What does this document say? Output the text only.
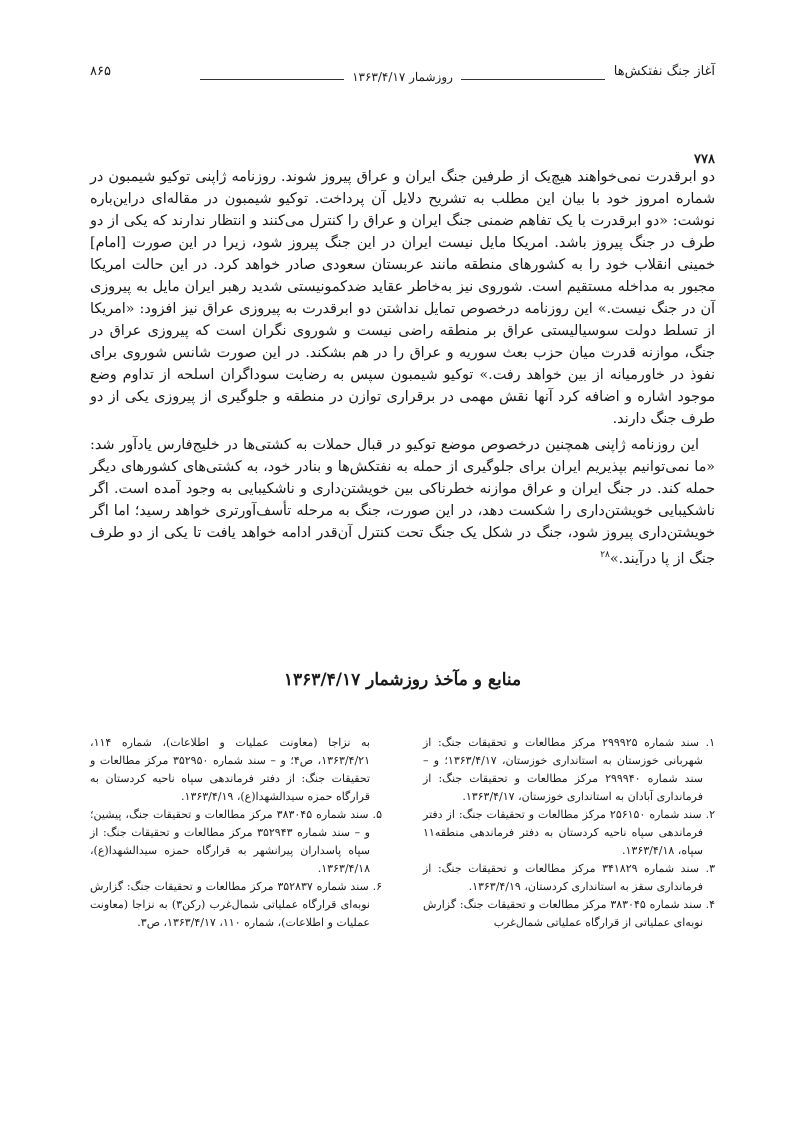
آغاز جنگ نفتکش‌ها
۸۶۵	روزشمار ۱۳۶۳/۴/۱۷
۷۷۸

دو ابرقدرت نمی‌خواهند هیچ‌یک از طرفین جنگ ایران و عراق پیروز شوند. روزنامه ژاپنی توکیو شیمبون در شماره امروز خود با بیان این مطلب به تشریح دلایل آن پرداخت. توکیو شیمبون در مقاله‌ای دراین‌باره نوشت: «دو ابرقدرت با یک تفاهم ضمنی جنگ ایران و عراق را کنترل می‌کنند و انتظار ندارند که یکی از دو طرف در جنگ پیروز باشد. امریکا مایل نیست ایران در این جنگ پیروز شود، زیرا در این صورت [امام] خمینی انقلاب خود را به کشورهای منطقه مانند عربستان سعودی صادر خواهد کرد. در این حالت امریکا مجبور به مداخله مستقیم است. شوروی نیز به‌خاطر عقاید ضدکمونیستی شدید رهبر ایران مایل به پیروزی آن در جنگ نیست.» این روزنامه درخصوص تمایل نداشتن دو ابرقدرت به پیروزی عراق نیز افزود: «امریکا از تسلط دولت سوسیالیستی عراق بر منطقه راضی نیست و شوروی نگران است که پیروزی عراق در جنگ، موازنه قدرت میان حزب بعث سوریه و عراق را در هم بشکند. در این صورت شانس شوروی برای نفوذ در خاورمیانه از بین خواهد رفت.» توکیو شیمبون سپس به رضایت سوداگران اسلحه از تداوم وضع موجود اشاره و اضافه کرد آنها نقش مهمی در برقراری توازن در منطقه و جلوگیری از پیروزی یکی از دو طرف جنگ دارند.

این روزنامه ژاپنی همچنین درخصوص موضع توکیو در قبال حملات به کشتی‌ها در خلیج‌فارس یادآور شد: «ما نمی‌توانیم بپذیریم ایران برای جلوگیری از حمله به نفتکش‌ها و بنادر خود، به کشتی‌های کشورهای دیگر حمله کند. در جنگ ایران و عراق موازنه خطرناکی بین خویشتن‌داری و ناشکیبایی به وجود آمده است. اگر ناشکیبایی خویشتن‌داری را شکست دهد، در این صورت، جنگ به مرحله تأسف‌آورتری خواهد رسید؛ اما اگر خویشتن‌داری پیروز شود، جنگ در شکل یک جنگ تحت کنترل آن‌قدر ادامه خواهد یافت تا یکی از دو طرف جنگ از پا درآیند.»$^{۲۸}$

منابع و مآخذ روزشمار ۱۳۶۳/۴/۱۷

۱. سند شماره ۲۹۹۹۲۵ مرکز مطالعات و تحقیقات جنگ: از شهربانی خوزستان به استانداری خوزستان، ۱۳۶۳/۴/۱۷؛ و – سند شماره ۲۹۹۹۴۰ مرکز مطالعات و تحقیقات جنگ: از فرمانداری آبادان به استانداری خوزستان، ۱۳۶۳/۴/۱۷.

۲. سند شماره ۲۵۶۱۵۰ مرکز مطالعات و تحقیقات جنگ: از دفتر فرماندهی سپاه ناحیه کردستان به دفتر فرماندهی منطقه۱۱ سپاه، ۱۳۶۳/۴/۱۸.

۳. سند شماره ۳۴۱۸۲۹ مرکز مطالعات و تحقیقات جنگ: از فرمانداری سقز به استانداری کردستان، ۱۳۶۳/۴/۱۹.

۴. سند شماره ۳۸۳۰۴۵ مرکز مطالعات و تحقیقات جنگ: گزارش نوبه‌ای عملیاتی از قرارگاه عملیاتی شمال‌غرب

به نزاجا (معاونت عملیات و اطلاعات)، شماره ۱۱۴، ۱۳۶۳/۴/۲۱، ص۴؛ و – سند شماره ۳۵۲۹۵۰ مرکز مطالعات و تحقیقات جنگ: از دفتر فرماندهی سپاه ناحیه کردستان به قرارگاه حمزه سیدالشهدا(ع)، ۱۳۶۳/۴/۱۹.

۵. سند شماره ۳۸۳۰۴۵ مرکز مطالعات و تحقیقات جنگ، پیشین؛ و – سند شماره ۳۵۲۹۴۳ مرکز مطالعات و تحقیقات جنگ: از سپاه پاسداران پیرانشهر به قرارگاه حمزه سیدالشهدا(ع)، ۱۳۶۳/۴/۱۸.

۶. سند شماره ۳۵۲۸۳۷ مرکز مطالعات و تحقیقات جنگ: گزارش نوبه‌ای قرارگاه عملیاتی شمال‌غرب (رکن۳) به نزاجا (معاونت عملیات و اطلاعات)، شماره ۱۱۰، ۱۳۶۳/۴/۱۷، ص۳.
